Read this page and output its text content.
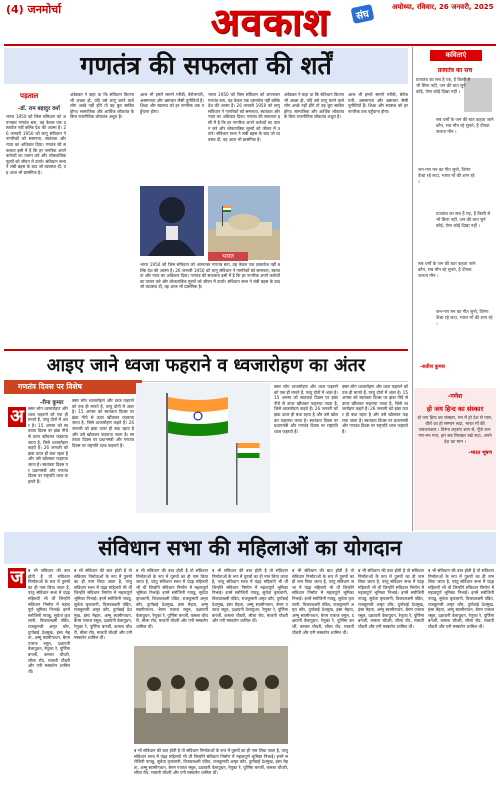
(4) जनमोर्चा	अवकाश	संघ
अयोध्या, रविवार, 26 जनवरी, 2025
गणतंत्र की सफलता की शर्तें
पड़ताल
-डॉ. राम बहादुर वर्मा
भारत 1950 को जिस संविधान को अपनाकर गणतंत्र बना, वह केवल एक दस्तावेज नहीं बल्कि देश की आत्मा है। 26 जनवरी 1950 को लागू संविधान ने नागरिकों को समानता, स्वतंत्रता और न्याय का अधिकार दिया। गणतंत्र की सफलता इसी में है कि हर नागरिक अपने कर्तव्यों का पालन करे और लोकतांत्रिक मूल्यों को जीवन में उतारे। संविधान सभा ने लंबी बहस के बाद जो व्यवस्था दी, वह आज भी प्रासंगिक है।
अंबेडकर ने कहा था कि संविधान कितना भी अच्छा हो, यदि उसे लागू करने वाले लोग अच्छे नहीं होंगे तो वह बुरा साबित होगा। सामाजिक और आर्थिक लोकतंत्र के बिना राजनीतिक लोकतंत्र अधूरा है।
आज भी हमारे सामने गरीबी, बेरोजगारी, असमानता और भ्रष्टाचार जैसी चुनौतियाँ हैं। शिक्षा और स्वास्थ्य को हर नागरिक तक पहुँचाना होगा।
भारत 1950 को जिस संविधान को अपनाकर गणतंत्र बना, वह केवल एक दस्तावेज नहीं बल्कि देश की आत्मा है। 26 जनवरी 1950 को लागू संविधान ने नागरिकों को समानता, स्वतंत्रता और न्याय का अधिकार दिया। गणतंत्र की सफलता इसी में है कि हर नागरिक अपने कर्तव्यों का पालन करे और लोकतांत्रिक मूल्यों को जीवन में उतारे। संविधान सभा ने लंबी बहस के बाद जो व्यवस्था दी, वह आज भी प्रासंगिक है।
अंबेडकर ने कहा था कि संविधान कितना भी अच्छा हो, यदि उसे लागू करने वाले लोग अच्छे नहीं होंगे तो वह बुरा साबित होगा। सामाजिक और आर्थिक लोकतंत्र के बिना राजनीतिक लोकतंत्र अधूरा है।
आज भी हमारे सामने गरीबी, बेरोजगारी, असमानता और भ्रष्टाचार जैसी चुनौतियाँ हैं। शिक्षा और स्वास्थ्य को हर नागरिक तक पहुँचाना होगा।
भारत 1950 को जिस संविधान को अपनाकर गणतंत्र बना, वह केवल एक दस्तावेज नहीं बल्कि देश की आत्मा है। 26 जनवरी 1950 को लागू संविधान ने नागरिकों को समानता, स्वतंत्रता और न्याय का अधिकार दिया। गणतंत्र की सफलता इसी में है कि हर नागरिक अपने कर्तव्यों का पालन करे और लोकतांत्रिक मूल्यों को जीवन में उतारे। संविधान सभा ने लंबी बहस के बाद जो व्यवस्था दी, वह आज भी प्रासंगिक है।
भारत
कविताएं
प्रजातंत्र का सच
प्रजातंत्र का सच है यह, है किसी से भी छिपा नहीं, जन की बात सुने कोई, ऐसा कोई दिखा नहीं ।
सब धर्मों के जन की बात कहता जाने कौन, सब मौन रहे सुनते, है दीपक जलता मौन ।
जन-गण मन का गीत सुनो, तिरंगा ऊँचा रहे सदा, भारत माँ की शान रहे ।
प्रजातंत्र का सच है यह, है किसी से भी छिपा नहीं, जन की बात सुने कोई, ऐसा कोई दिखा नहीं ।
सब धर्मों के जन की बात कहता जाने कौन, सब मौन रहे सुनते, है दीपक जलता मौन ।
जन-गण मन का गीत सुनो, तिरंगा ऊँचा रहे सदा, भारत माँ की शान रहे ।
-सतीश कुमार
-गणेश
हो जय हिन्द का संस्कार
हो जय हिन्द का संस्कार, मन में हो देश से प्यार, वीरों का हो सम्मान सदा, भारत माँ की जयजयकार । तिरंगा लहराए शान से, गूँजे जन-गण-मन गान, हम सब मिलकर रखें सदा, अपने देश का मान ।
-भारत भूषण
आइए जाने ध्वजा फहराने व ध्वजारोहण का अंतर
गणतंत्र दिवस पर विशेष
-रीना कुमार
अ क्सर लोग ध्वजारोहण और ध्वज फहराने को एक ही मानते हैं, परंतु दोनों में अंतर है। 15 अगस्त को स्वतंत्रता दिवस पर झंडा नीचे से ऊपर खींचकर फहराया जाता है, जिसे ध्वजारोहण कहते हैं। 26 जनवरी को झंडा ऊपर ही बंधा रहता है और उसे खोलकर फहराया जाता है। स्वतंत्रता दिवस पर प्रधानमंत्री और गणतंत्र दिवस पर राष्ट्रपति ध्वज फहराते हैं।
क्सर लोग ध्वजारोहण और ध्वज फहराने को एक ही मानते हैं, परंतु दोनों में अंतर है। 15 अगस्त को स्वतंत्रता दिवस पर झंडा नीचे से ऊपर खींचकर फहराया जाता है, जिसे ध्वजारोहण कहते हैं। 26 जनवरी को झंडा ऊपर ही बंधा रहता है और उसे खोलकर फहराया जाता है। स्वतंत्रता दिवस पर प्रधानमंत्री और गणतंत्र दिवस पर राष्ट्रपति ध्वज फहराते हैं।
क्सर लोग ध्वजारोहण और ध्वज फहराने को एक ही मानते हैं, परंतु दोनों में अंतर है। 15 अगस्त को स्वतंत्रता दिवस पर झंडा नीचे से ऊपर खींचकर फहराया जाता है, जिसे ध्वजारोहण कहते हैं। 26 जनवरी को झंडा ऊपर ही बंधा रहता है और उसे खोलकर फहराया जाता है। स्वतंत्रता दिवस पर प्रधानमंत्री और गणतंत्र दिवस पर राष्ट्रपति ध्वज फहराते हैं।
क्सर लोग ध्वजारोहण और ध्वज फहराने को एक ही मानते हैं, परंतु दोनों में अंतर है। 15 अगस्त को स्वतंत्रता दिवस पर झंडा नीचे से ऊपर खींचकर फहराया जाता है, जिसे ध्वजारोहण कहते हैं। 26 जनवरी को झंडा ऊपर ही बंधा रहता है और उसे खोलकर फहराया जाता है। स्वतंत्रता दिवस पर प्रधानमंत्री और गणतंत्र दिवस पर राष्ट्रपति ध्वज फहराते हैं।
संविधान सभा की महिलाओं का योगदान
ज	ब भी संविधान की बात होती है तो संविधान निर्माताओं के रूप में पुरुषों का ही नाम लिया जाता है, परंतु संविधान सभा में पंद्रह महिलाएँ भी थीं जिन्होंने संविधान निर्माण में महत्वपूर्ण भूमिका निभाई। इनमें सरोजिनी नायडू, सुचेता कृपलानी, विजयलक्ष्मी पंडित, राजकुमारी अमृत कौर, दुर्गाबाई देशमुख, हंसा मेहता, अम्मू स्वामीनाथन, बेगम एजाज रसूल, दक्षायनी वेलायुधन, रेणुका रे, पूर्णिमा बनर्जी, कमला चौधरी, लीला रॉय, मालती चौधरी और एनी मस्कारेन शामिल थीं।
ब भी संविधान की बात होती है तो संविधान निर्माताओं के रूप में पुरुषों का ही नाम लिया जाता है, परंतु संविधान सभा में पंद्रह महिलाएँ भी थीं जिन्होंने संविधान निर्माण में महत्वपूर्ण भूमिका निभाई। इनमें सरोजिनी नायडू, सुचेता कृपलानी, विजयलक्ष्मी पंडित, राजकुमारी अमृत कौर, दुर्गाबाई देशमुख, हंसा मेहता, अम्मू स्वामीनाथन, बेगम एजाज रसूल, दक्षायनी वेलायुधन, रेणुका रे, पूर्णिमा बनर्जी, कमला चौधरी, लीला रॉय, मालती चौधरी और एनी मस्कारेन शामिल थीं।
ब भी संविधान की बात होती है तो संविधान निर्माताओं के रूप में पुरुषों का ही नाम लिया जाता है, परंतु संविधान सभा में पंद्रह महिलाएँ भी थीं जिन्होंने संविधान निर्माण में महत्वपूर्ण भूमिका निभाई। इनमें सरोजिनी नायडू, सुचेता कृपलानी, विजयलक्ष्मी पंडित, राजकुमारी अमृत कौर, दुर्गाबाई देशमुख, हंसा मेहता, अम्मू स्वामीनाथन, बेगम एजाज रसूल, दक्षायनी वेलायुधन, रेणुका रे, पूर्णिमा बनर्जी, कमला चौधरी, लीला रॉय, मालती चौधरी और एनी मस्कारेन शामिल थीं।
ब भी संविधान की बात होती है तो संविधान निर्माताओं के रूप में पुरुषों का ही नाम लिया जाता है, परंतु संविधान सभा में पंद्रह महिलाएँ भी थीं जिन्होंने संविधान निर्माण में महत्वपूर्ण भूमिका निभाई। इनमें सरोजिनी नायडू, सुचेता कृपलानी, विजयलक्ष्मी पंडित, राजकुमारी अमृत कौर, दुर्गाबाई देशमुख, हंसा मेहता, अम्मू स्वामीनाथन, बेगम एजाज रसूल, दक्षायनी वेलायुधन, रेणुका रे, पूर्णिमा बनर्जी, कमला चौधरी, लीला रॉय, मालती चौधरी और एनी मस्कारेन शामिल थीं।
ब भी संविधान की बात होती है तो संविधान निर्माताओं के रूप में पुरुषों का ही नाम लिया जाता है, परंतु संविधान सभा में पंद्रह महिलाएँ भी थीं जिन्होंने संविधान निर्माण में महत्वपूर्ण भूमिका निभाई। इनमें सरोजिनी नायडू, सुचेता कृपलानी, विजयलक्ष्मी पंडित, राजकुमारी अमृत कौर, दुर्गाबाई देशमुख, हंसा मेहता, अम्मू स्वामीनाथन, बेगम एजाज रसूल, दक्षायनी वेलायुधन, रेणुका रे, पूर्णिमा बनर्जी, कमला चौधरी, लीला रॉय, मालती चौधरी और एनी मस्कारेन शामिल थीं।
ब भी संविधान की बात होती है तो संविधान निर्माताओं के रूप में पुरुषों का ही नाम लिया जाता है, परंतु संविधान सभा में पंद्रह महिलाएँ भी थीं जिन्होंने संविधान निर्माण में महत्वपूर्ण भूमिका निभाई। इनमें सरोजिनी नायडू, सुचेता कृपलानी, विजयलक्ष्मी पंडित, राजकुमारी अमृत कौर, दुर्गाबाई देशमुख, हंसा मेहता, अम्मू स्वामीनाथन, बेगम एजाज रसूल, दक्षायनी वेलायुधन, रेणुका रे, पूर्णिमा बनर्जी, कमला चौधरी, लीला रॉय, मालती चौधरी और एनी मस्कारेन शामिल थीं।
ब भी संविधान की बात होती है तो संविधान निर्माताओं के रूप में पुरुषों का ही नाम लिया जाता है, परंतु संविधान सभा में पंद्रह महिलाएँ भी थीं जिन्होंने संविधान निर्माण में महत्वपूर्ण भूमिका निभाई। इनमें सरोजिनी नायडू, सुचेता कृपलानी, विजयलक्ष्मी पंडित, राजकुमारी अमृत कौर, दुर्गाबाई देशमुख, हंसा मेहता, अम्मू स्वामीनाथन, बेगम एजाज रसूल, दक्षायनी वेलायुधन, रेणुका रे, पूर्णिमा बनर्जी, कमला चौधरी, लीला रॉय, मालती चौधरी और एनी मस्कारेन शामिल थीं।
ब भी संविधान की बात होती है तो संविधान निर्माताओं के रूप में पुरुषों का ही नाम लिया जाता है, परंतु संविधान सभा में पंद्रह महिलाएँ भी थीं जिन्होंने संविधान निर्माण में महत्वपूर्ण भूमिका निभाई। इनमें सरोजिनी नायडू, सुचेता कृपलानी, विजयलक्ष्मी पंडित, राजकुमारी अमृत कौर, दुर्गाबाई देशमुख, हंसा मेहता, अम्मू स्वामीनाथन, बेगम एजाज रसूल, दक्षायनी वेलायुधन, रेणुका रे, पूर्णिमा बनर्जी, कमला चौधरी, लीला रॉय, मालती चौधरी और एनी मस्कारेन शामिल थीं।
